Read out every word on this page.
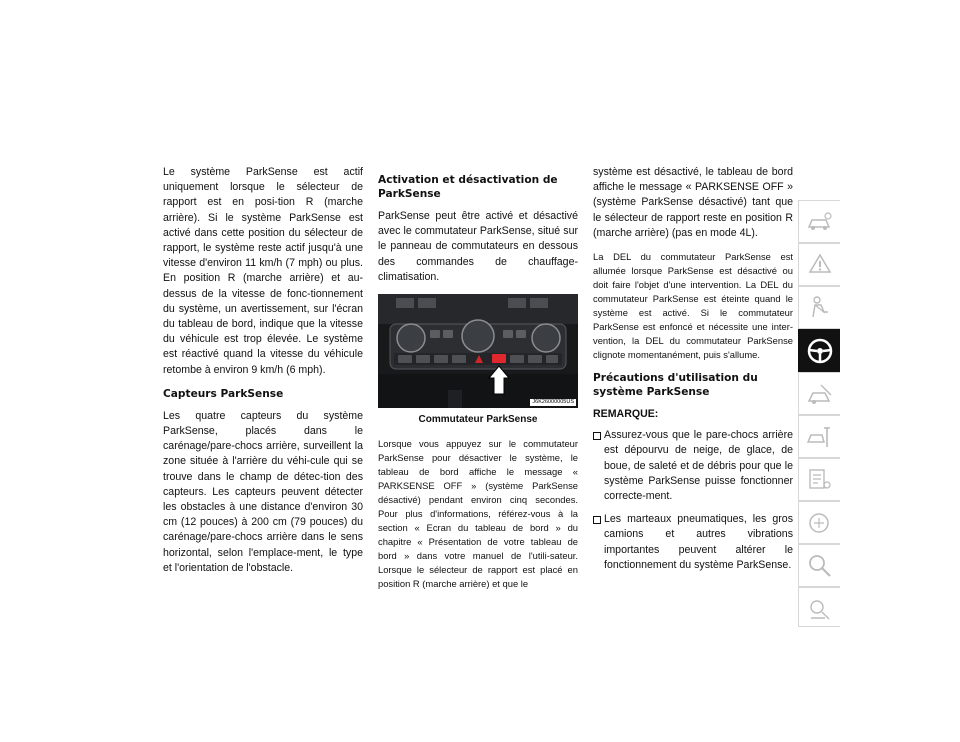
Le système ParkSense est actif uniquement lorsque le sélecteur de rapport est en posi-tion R (marche arrière). Si le système ParkSense est activé dans cette position du sélecteur de rapport, le système reste actif jusqu'à une vitesse d'environ 11 km/h (7 mph) ou plus. En position R (marche arrière) et au-dessus de la vitesse de fonc-tionnement du système, un avertissement, sur l'écran du tableau de bord, indique que la vitesse du véhicule est trop élevée. Le système est réactivé quand la vitesse du véhicule retombe à environ 9 km/h (6 mph).

Capteurs ParkSense

Les quatre capteurs du système ParkSense, placés dans le carénage/pare-chocs arrière, surveillent la zone située à l'arrière du véhi-cule qui se trouve dans le champ de détec-tion des capteurs. Les capteurs peuvent détecter les obstacles à une distance d'environ 30 cm (12 pouces) à 200 cm (79 pouces) du carénage/pare-chocs arrière dans le sens horizontal, selon l'emplace-ment, le type et l'orientation de l'obstacle.

Activation et désactivation de ParkSense

ParkSense peut être activé et désactivé avec le commutateur ParkSense, situé sur le panneau de commutateurs en dessous des commandes de chauffage-climatisation.

J6K26000005US
Commutateur ParkSense

Lorsque vous appuyez sur le commutateur ParkSense pour désactiver le système, le tableau de bord affiche le message « PARKSENSE OFF » (système ParkSense désactivé) pendant environ cinq secondes. Pour plus d'informations, référez-vous à la section « Ecran du tableau de bord » du chapitre « Présentation de votre tableau de bord » dans votre manuel de l'utili-sateur. Lorsque le sélecteur de rapport est placé en position R (marche arrière) et que le

système est désactivé, le tableau de bord affiche le message « PARKSENSE OFF » (système ParkSense désactivé) tant que le sélecteur de rapport reste en position R (marche arrière) (pas en mode 4L).

La DEL du commutateur ParkSense est allumée lorsque ParkSense est désactivé ou doit faire l'objet d'une intervention. La DEL du commutateur ParkSense est éteinte quand le système est activé. Si le commutateur ParkSense est enfoncé et nécessite une inter-vention, la DEL du commutateur ParkSense clignote momentanément, puis s'allume.

Précautions d'utilisation du système ParkSense
REMARQUE:
Assurez-vous que le pare-chocs arrière est dépourvu de neige, de glace, de boue, de saleté et de débris pour que le système ParkSense puisse fonctionner correcte-ment.
Les marteaux pneumatiques, les gros camions et autres vibrations importantes peuvent altérer le fonctionnement du système ParkSense.
